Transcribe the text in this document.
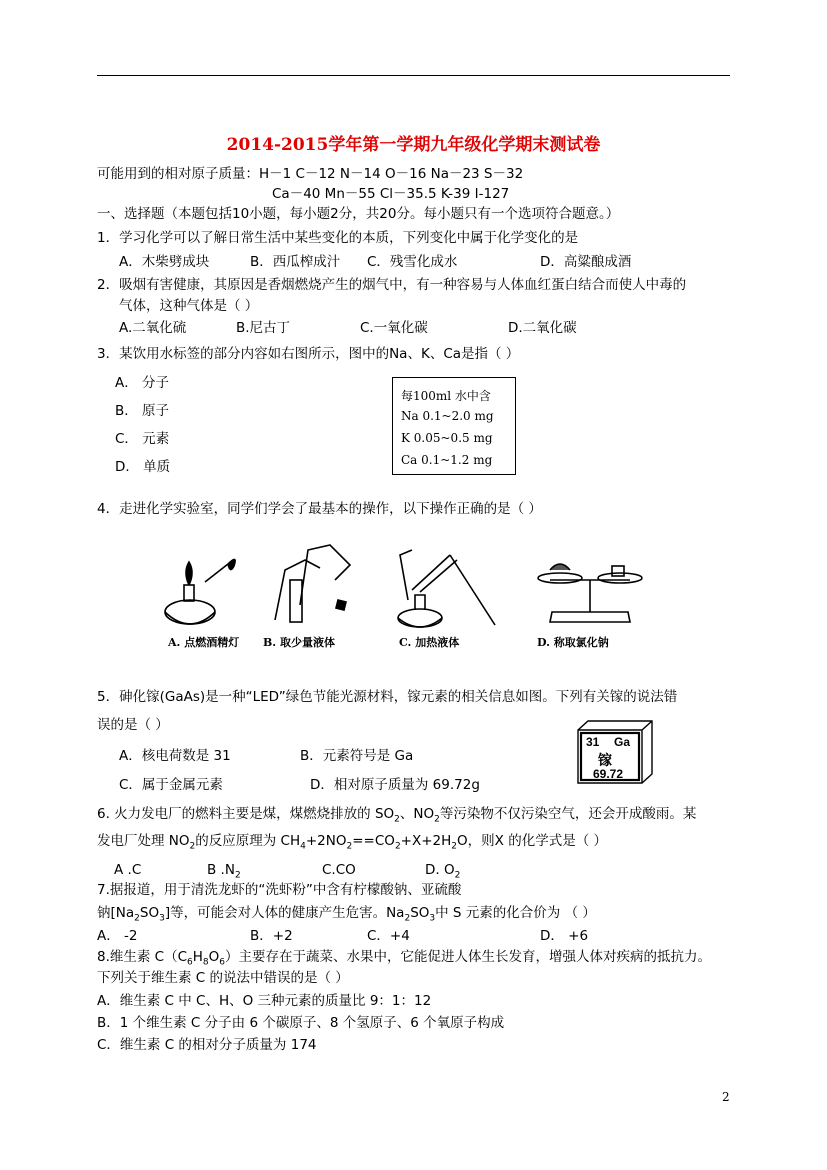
2014-2015学年第一学期九年级化学期末测试卷
可能用到的相对原子质量：H－1 C－12 N－14 O－16 Na－23 S－32
Ca－40 Mn－55 Cl－35.5 K-39 I-127
一、选择题（本题包括10小题，每小题2分，共20分。每小题只有一个选项符合题意。）
1．学习化学可以了解日常生活中某些变化的本质，下列变化中属于化学变化的是
A．木柴劈成块	B．西瓜榨成汁 C．残雪化成水	D．高粱酿成酒
2．吸烟有害健康，其原因是香烟燃烧产生的烟气中，有一种容易与人体血红蛋白结合而使人中毒的
气体，这种气体是（ ）
A.二氧化硫	B.尼古丁	C.一氧化碳	D.二氧化碳
3．某饮用水标签的部分内容如右图所示，图中的Na、K、Ca是指（ ）
A． 分子
B． 原子
C． 元素
D． 单质
每100ml 水中含
Na 0.1~2.0 mg
K 0.05~0.5 mg
Ca 0.1~1.2 mg
4．走进化学实验室，同学们学会了最基本的操作，以下操作正确的是（ ）
A. 点燃酒精灯 B. 取少量液体	C. 加热液体	D. 称取氯化钠
5．砷化镓(GaAs)是一种“LED”绿色节能光源材料，镓元素的相关信息如图。下列有关镓的说法错
误的是（ ）
A．核电荷数是 31	B．元素符号是 Ga
C．属于金属元素	D．相对原子质量为 69.72g
31 Ga
镓
69.72
6. 火力发电厂的燃料主要是煤，煤燃烧排放的 $SO_2$、$NO_2$等污染物不仅污染空气，还会开成酸雨。某
发电厂处理 $NO_2$的反应原理为 $CH_4+2NO_2==CO_2+X+2H_2O$，则X 的化学式是（ ）
A .C	B $.N_2$	C.CO	D. $O_2$
7.据报道，用于清洗龙虾的“洗虾粉”中含有柠檬酸钠、亚硫酸
钠$[Na_2SO_3]$等，可能会对人体的健康产生危害。$Na_2SO_3$中 S 元素的化合价为 （ ）
A． -2	B．+2	C．+4	D． +6
8.维生素 $C(C_6H_8O_6)$主要存在于蔬菜、水果中，它能促进人体生长发育，增强人体对疾病的抵抗力。
下列关于维生素 C 的说法中错误的是（ ）
A．维生素 C 中 C、H、O 三种元素的质量比 9：1：12
B．1 个维生素 C 分子由 6 个碳原子、8 个氢原子、6 个氧原子构成
C．维生素 C 的相对分子质量为 174
2
